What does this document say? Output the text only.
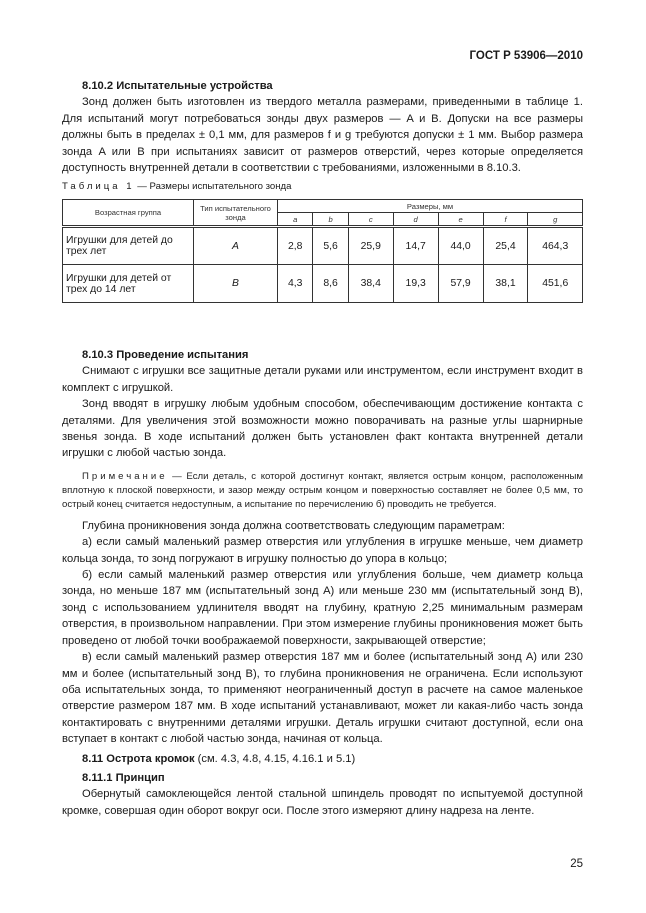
ГОСТ Р 53906—2010

8.10.2 Испытательные устройства

Зонд должен быть изготовлен из твердого металла размерами, приведенными в таблице 1. Для испытаний могут потребоваться зонды двух размеров — A и B. Допуски на все размеры должны быть в пределах ± 0,1 мм, для размеров f и g требуются допуски ± 1 мм. Выбор размера зонда A или B при испытаниях зависит от размеров отверстий, через которые определяется доступность внутренней детали в соответствии с требованиями, изложенными в 8.10.3.

Таблица 1 — Размеры испытательного зонда
Возрастная группа	Тип испытательного зонда	Размеры, мм						
		a	b	c	d	e	f	g
Игрушки для детей до трех лет	A	2,8	5,6	25,9	14,7	44,0	25,4	464,3
Игрушки для детей от трех до 14 лет	B	4,3	8,6	38,4	19,3	57,9	38,1	451,6

8.10.3 Проведение испытания

Снимают с игрушки все защитные детали руками или инструментом, если инструмент входит в комплект с игрушкой.

Зонд вводят в игрушку любым удобным способом, обеспечивающим достижение контакта с деталями. Для увеличения этой возможности можно поворачивать на разные углы шарнирные звенья зонда. В ходе испытаний должен быть установлен факт контакта внутренней детали игрушки с любой частью зонда.

Примечание — Если деталь, с которой достигнут контакт, является острым концом, расположенным вплотную к плоской поверхности, и зазор между острым концом и поверхностью составляет не более 0,5 мм, то острый конец считается недоступным, а испытание по перечислению б) проводить не требуется.

Глубина проникновения зонда должна соответствовать следующим параметрам:

а) если самый маленький размер отверстия или углубления в игрушке меньше, чем диаметр кольца зонда, то зонд погружают в игрушку полностью до упора в кольцо;

б) если самый маленький размер отверстия или углубления больше, чем диаметр кольца зонда, но меньше 187 мм (испытательный зонд A) или меньше 230 мм (испытательный зонд B), зонд с использованием удлинителя вводят на глубину, кратную 2,25 минимальным размерам отверстия, в произвольном направлении. При этом измерение глубины проникновения может быть проведено от любой точки воображаемой поверхности, закрывающей отверстие;

в) если самый маленький размер отверстия 187 мм и более (испытательный зонд A) или 230 мм и более (испытательный зонд B), то глубина проникновения не ограничена. Если используют оба испытательных зонда, то применяют неограниченный доступ в расчете на самое маленькое отверстие размером 187 мм. В ходе испытаний устанавливают, может ли какая-либо часть зонда контактировать с внутренними деталями игрушки. Деталь игрушки считают доступной, если она вступает в контакт с любой частью зонда, начиная от кольца.

8.11 Острота кромок (см. 4.3, 4.8, 4.15, 4.16.1 и 5.1)

8.11.1 Принцип

Обернутый самоклеющейся лентой стальной шпиндель проводят по испытуемой доступной кромке, совершая один оборот вокруг оси. После этого измеряют длину надреза на ленте.

25
